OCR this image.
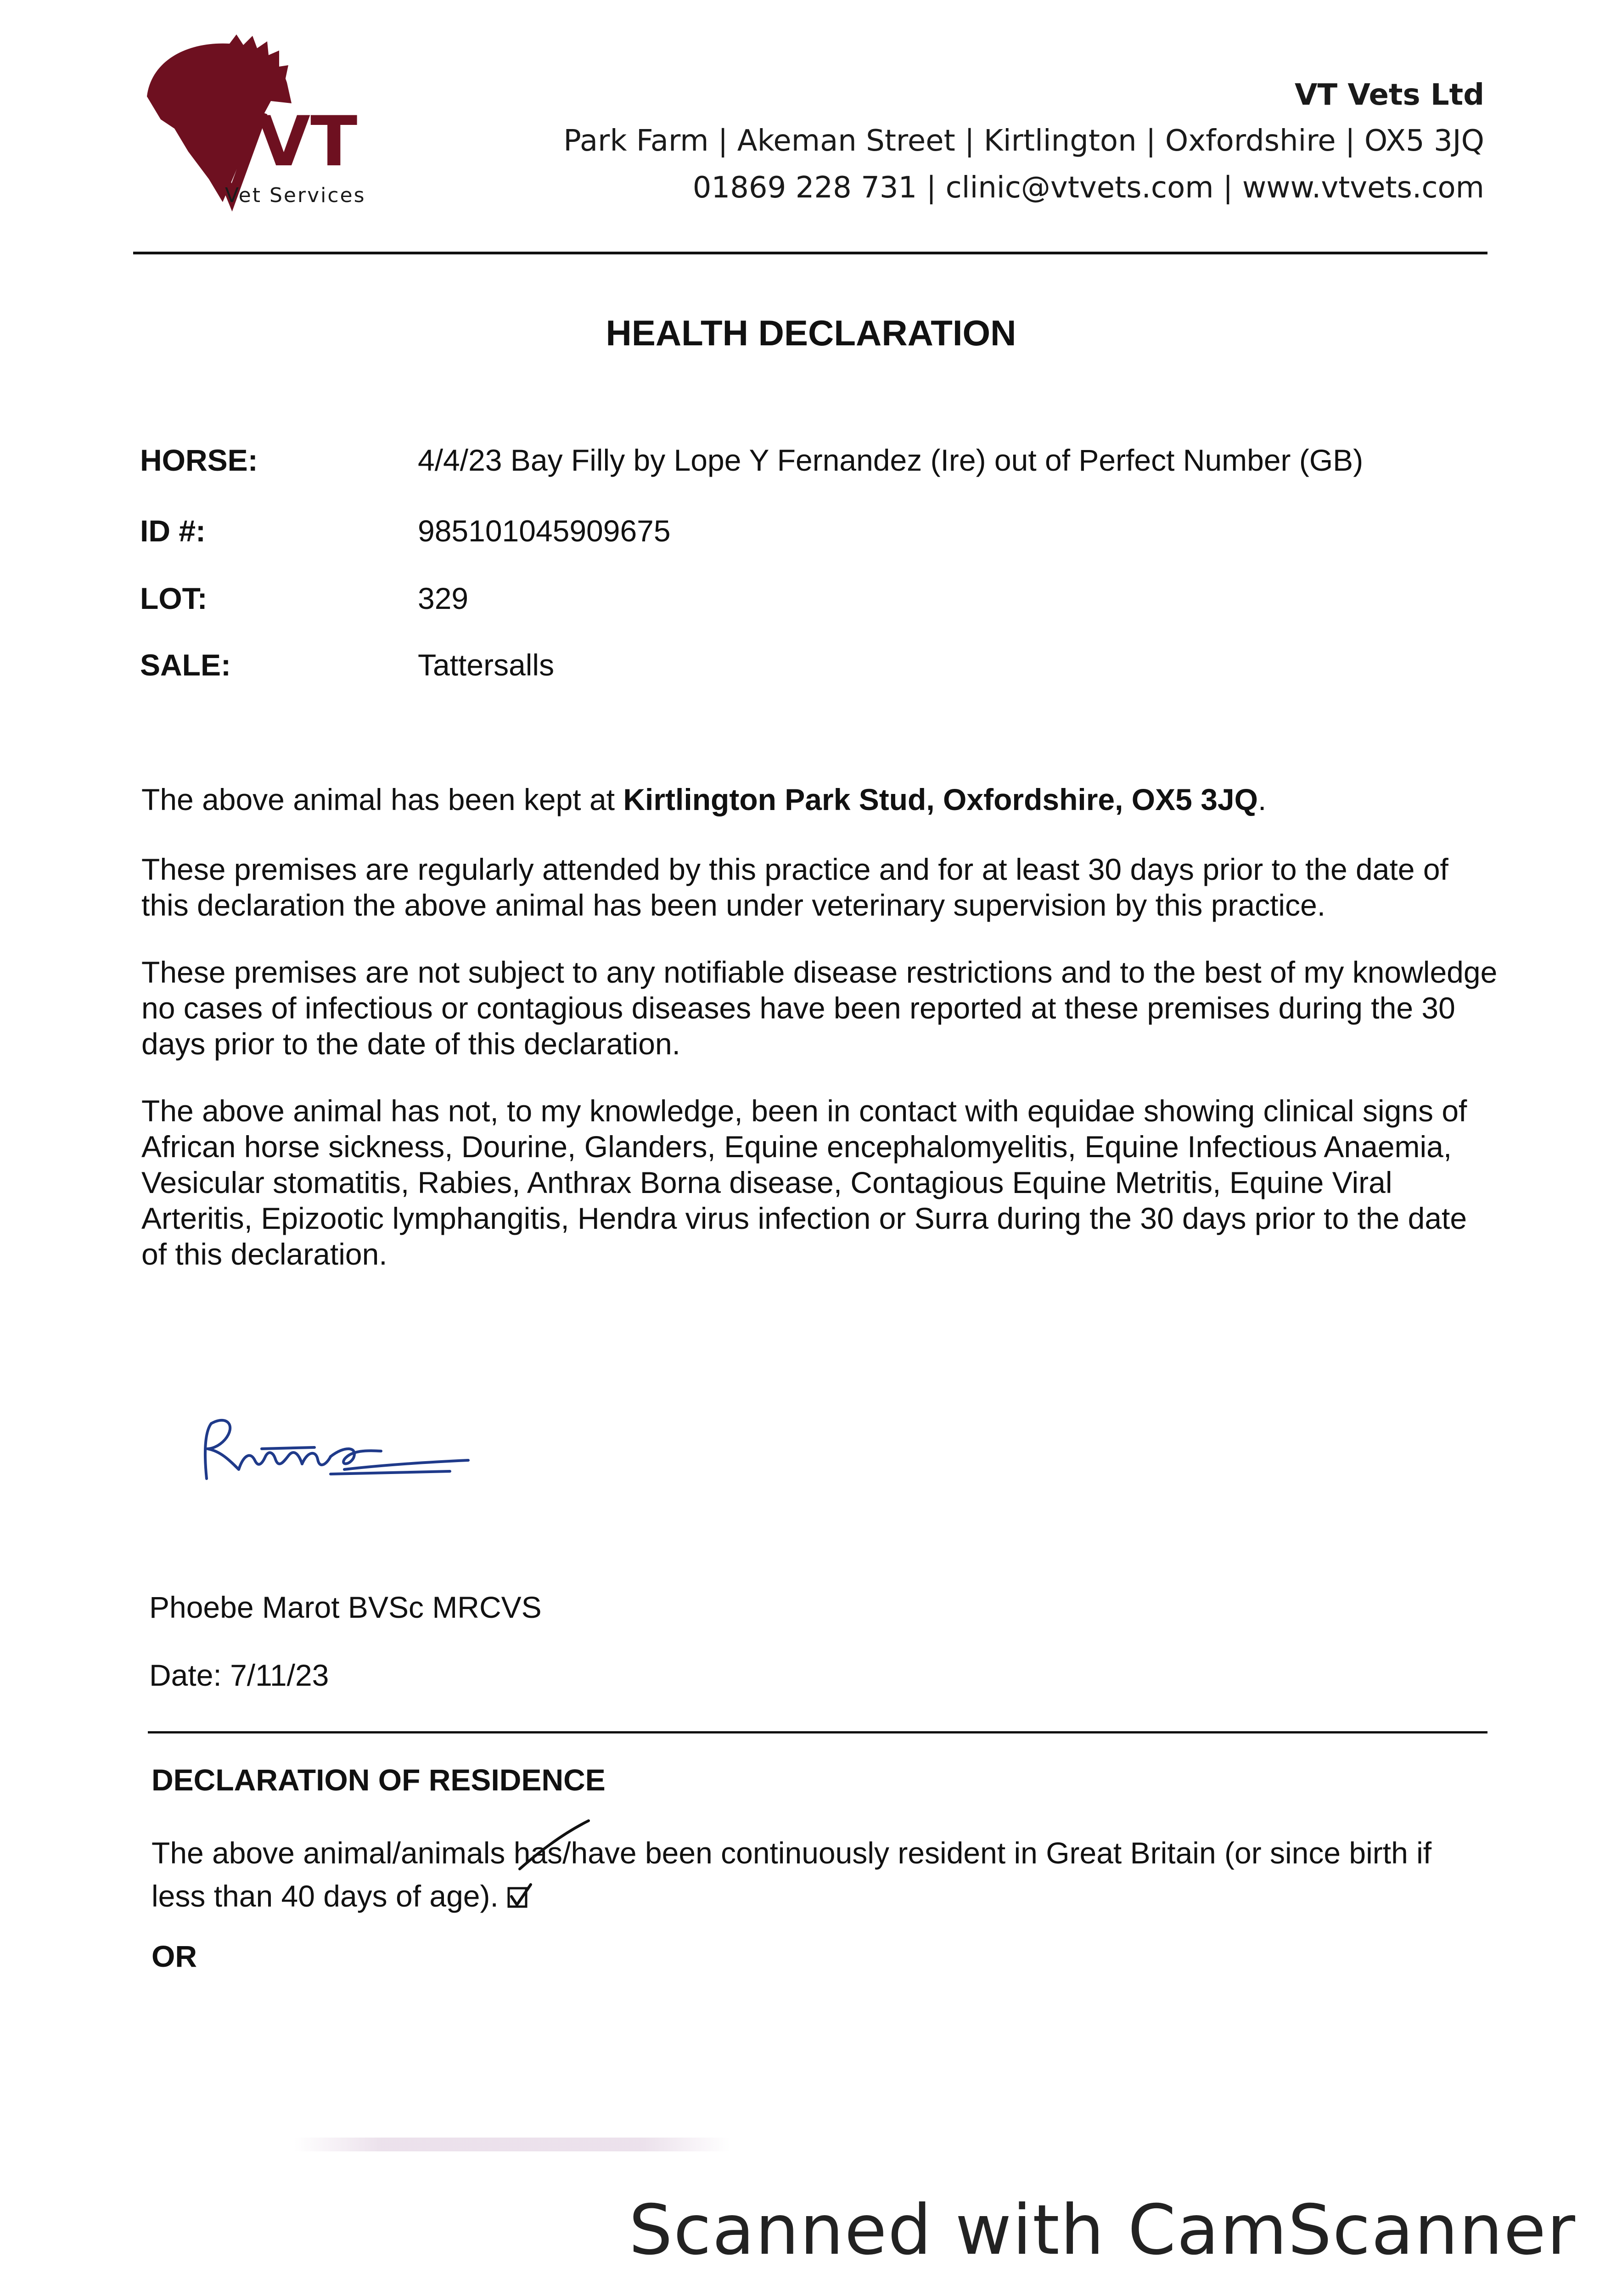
VT
Vet Services
VT Vets Ltd
Park Farm | Akeman Street | Kirtlington | Oxfordshire | OX5 3JQ
01869 228 731 | clinic@vtvets.com | www.vtvets.com
HEALTH DECLARATION
HORSE:	4/4/23 Bay Filly by Lope Y Fernandez (Ire) out of Perfect Number (GB)
ID #:	985101045909675
LOT:	329
SALE:	Tattersalls
The above animal has been kept at Kirtlington Park Stud, Oxfordshire, OX5 3JQ.
These premises are regularly attended by this practice and for at least 30 days prior to the date of this declaration the above animal has been under veterinary supervision by this practice.
These premises are not subject to any notifiable disease restrictions and to the best of my knowledge no cases of infectious or contagious diseases have been reported at these premises during the 30 days prior to the date of this declaration.
The above animal has not, to my knowledge, been in contact with equidae showing clinical signs of African horse sickness, Dourine, Glanders, Equine encephalomyelitis, Equine Infectious Anaemia, Vesicular stomatitis, Rabies, Anthrax Borna disease, Contagious Equine Metritis, Equine Viral Arteritis, Epizootic lymphangitis, Hendra virus infection or Surra during the 30 days prior to the date of this declaration.
Phoebe Marot BVSc MRCVS
Date: 7/11/23
DECLARATION OF RESIDENCE
The above animal/animals has/have been continuously resident in Great Britain (or since birth if less than 40 days of age).
OR
Scanned with CamScanner
